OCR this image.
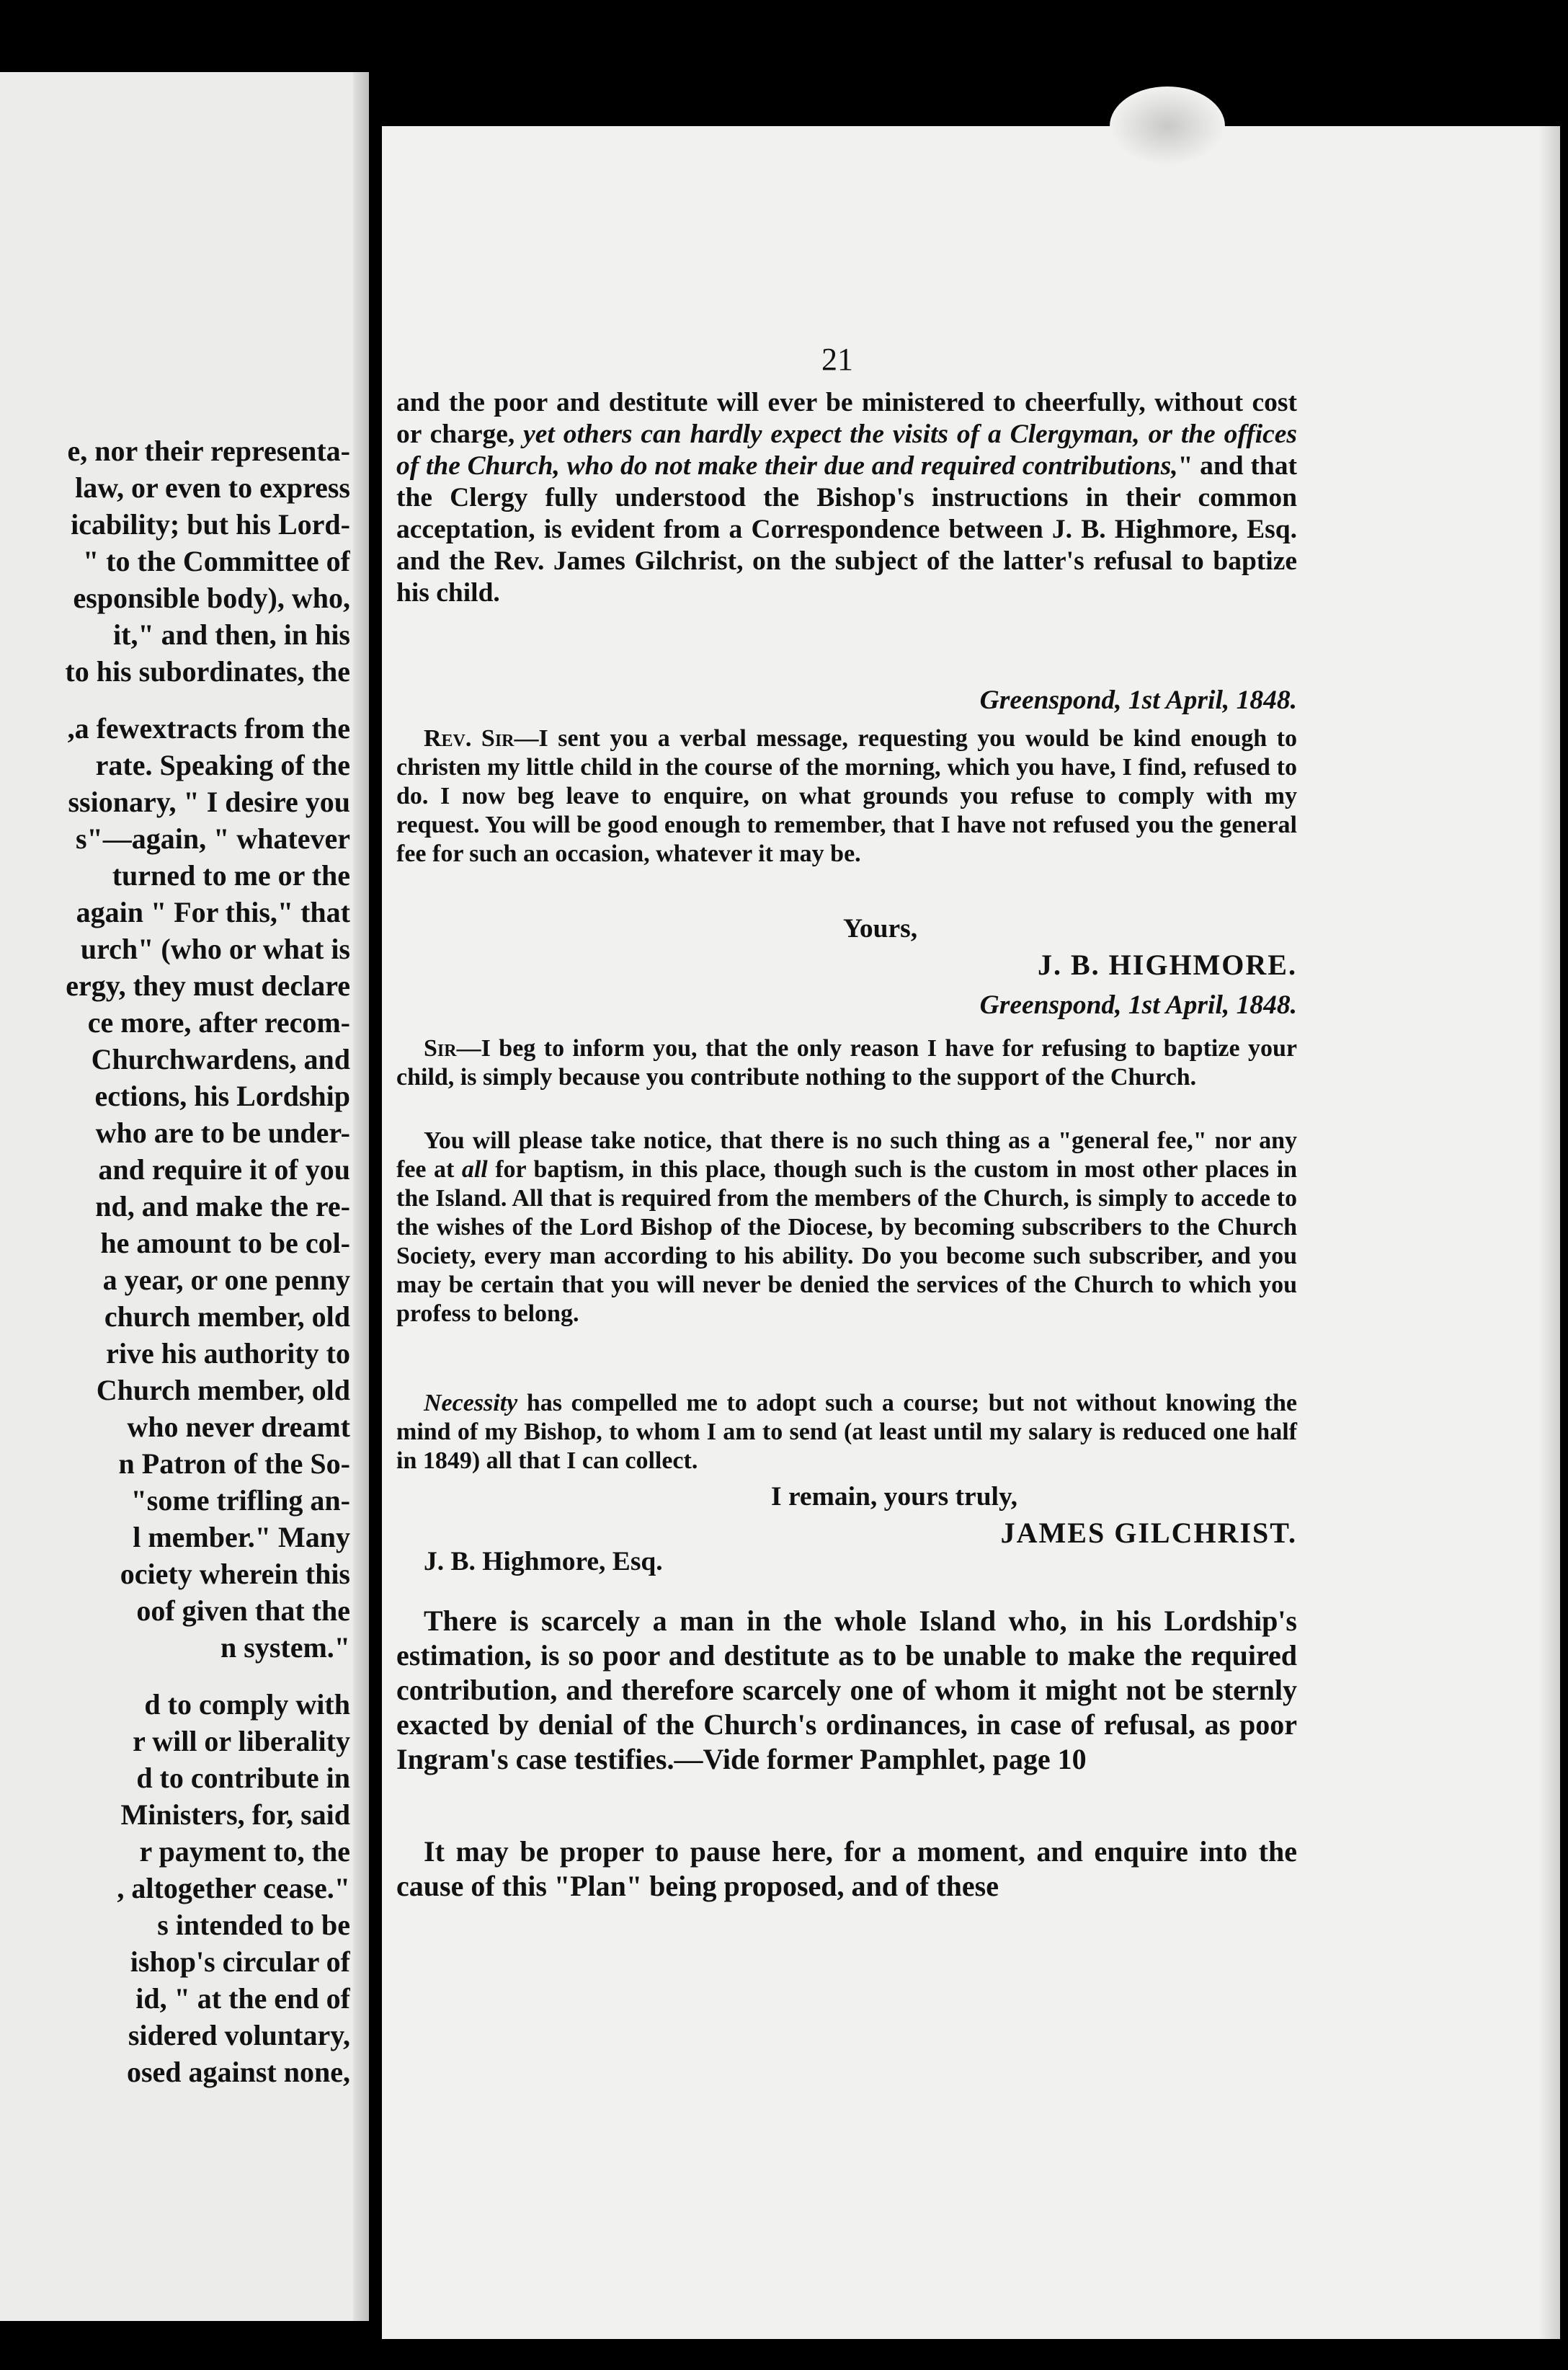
e, nor their representa-
law, or even to express
icability; but his Lord-
" to the Committee of
esponsible body), who,
it," and then, in his
to his subordinates, the
,a fewextracts from the
rate. Speaking of the
ssionary, " I desire you
s"—again, " whatever
turned to me or the
again " For this," that
urch" (who or what is
ergy, they must declare
ce more, after recom-
Churchwardens, and
ections, his Lordship
who are to be under-
and require it of you
nd, and make the re-
he amount to be col-
a year, or one penny
church member, old
rive his authority to
Church member, old
who never dreamt
n Patron of the So-
"some trifling an-
l member." Many
ociety wherein this
oof given that the
n system."
d to comply with
r will or liberality
d to contribute in
Ministers, for, said
r payment to, the
, altogether cease."
s intended to be
ishop's circular of
id, " at the end of
sidered voluntary,
osed against none,
21
and the poor and destitute will ever be ministered to cheerfully, without cost or charge, yet others can hardly expect the visits of a Clergyman, or the offices of the Church, who do not make their due and required contributions," and that the Clergy fully understood the Bishop's instructions in their common acceptation, is evident from a Correspondence between J. B. Highmore, Esq. and the Rev. James Gilchrist, on the subject of the latter's refusal to baptize his child.
Greenspond, 1st April, 1848.
Rev. Sir—I sent you a verbal message, requesting you would be kind enough to christen my little child in the course of the morning, which you have, I find, refused to do. I now beg leave to enquire, on what grounds you refuse to comply with my request. You will be good enough to remember, that I have not refused you the general fee for such an occasion, whatever it may be.
Yours,
J. B. HIGHMORE.
Greenspond, 1st April, 1848.
Sir—I beg to inform you, that the only reason I have for refusing to baptize your child, is simply because you contribute nothing to the support of the Church.
You will please take notice, that there is no such thing as a "general fee," nor any fee at all for baptism, in this place, though such is the custom in most other places in the Island. All that is required from the members of the Church, is simply to accede to the wishes of the Lord Bishop of the Diocese, by becoming subscribers to the Church Society, every man according to his ability. Do you become such subscriber, and you may be certain that you will never be denied the services of the Church to which you profess to belong.
Necessity has compelled me to adopt such a course; but not without knowing the mind of my Bishop, to whom I am to send (at least until my salary is reduced one half in 1849) all that I can collect.
I remain, yours truly,
JAMES GILCHRIST.
J. B. Highmore, Esq.
There is scarcely a man in the whole Island who, in his Lordship's estimation, is so poor and destitute as to be unable to make the required contribution, and therefore scarcely one of whom it might not be sternly exacted by denial of the Church's ordinances, in case of refusal, as poor Ingram's case testifies.—Vide former Pamphlet, page 10
It may be proper to pause here, for a moment, and enquire into the cause of this "Plan" being proposed, and of these
